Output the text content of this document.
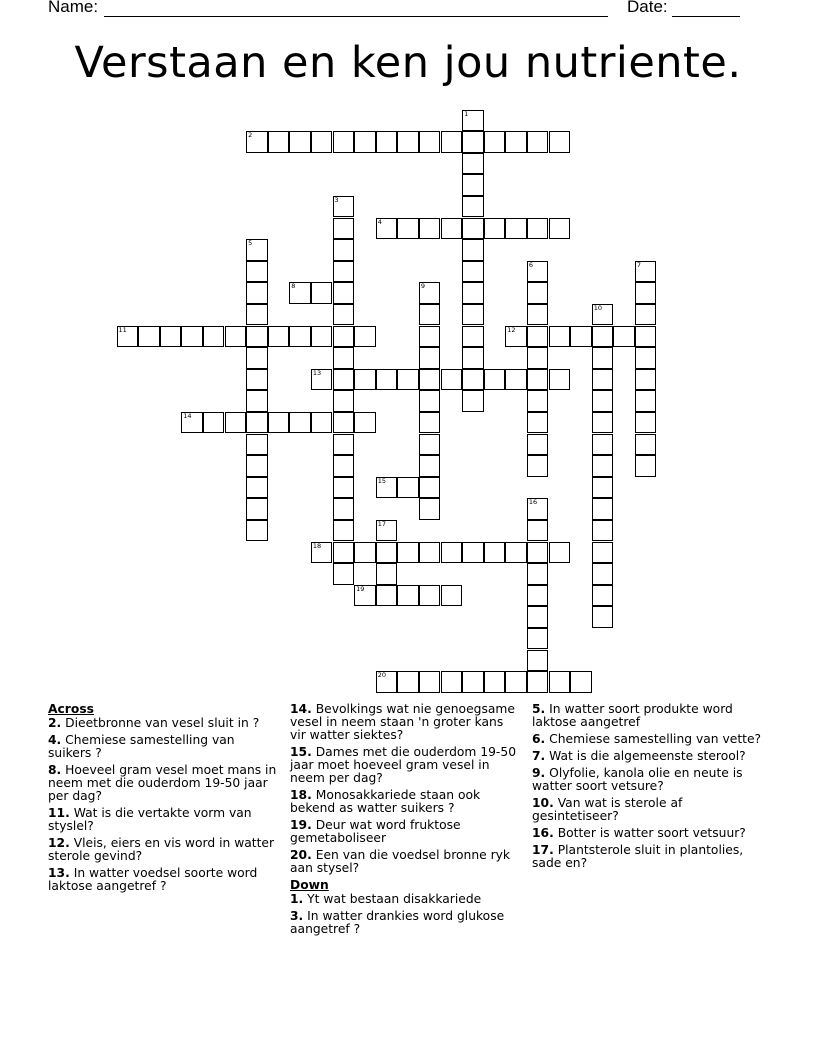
Name:	Date:
Verstaan en ken jou nutriente.
1
2
3
4
5
6	7
8	9
10
11	12
13
14
15
16
17
18
19
20
Across
2. Dieetbronne van vesel sluit in ?
4. Chemiese samestelling van suikers ?
8. Hoeveel gram vesel moet mans in neem met die ouderdom 19-50 jaar per dag?
11. Wat is die vertakte vorm van styslel?
12. Vleis, eiers en vis word in watter sterole gevind?
13. In watter voedsel soorte word laktose aangetref ?
14. Bevolkings wat nie genoegsame vesel in neem staan 'n groter kans vir watter siektes?
15. Dames met die ouderdom 19-50 jaar moet hoeveel gram vesel in neem per dag?
18. Monosakkariede staan ook bekend as watter suikers ?
19. Deur wat word fruktose gemetaboliseer
20. Een van die voedsel bronne ryk aan stysel?
Down
1. Yt wat bestaan disakkariede
3. In watter drankies word glukose aangetref ?
5. In watter soort produkte word laktose aangetref
6. Chemiese samestelling van vette?
7. Wat is die algemeenste sterool?
9. Olyfolie, kanola olie en neute is watter soort vetsure?
10. Van wat is sterole af gesintetiseer?
16. Botter is watter soort vetsuur?
17. Plantsterole sluit in plantolies, sade en?
